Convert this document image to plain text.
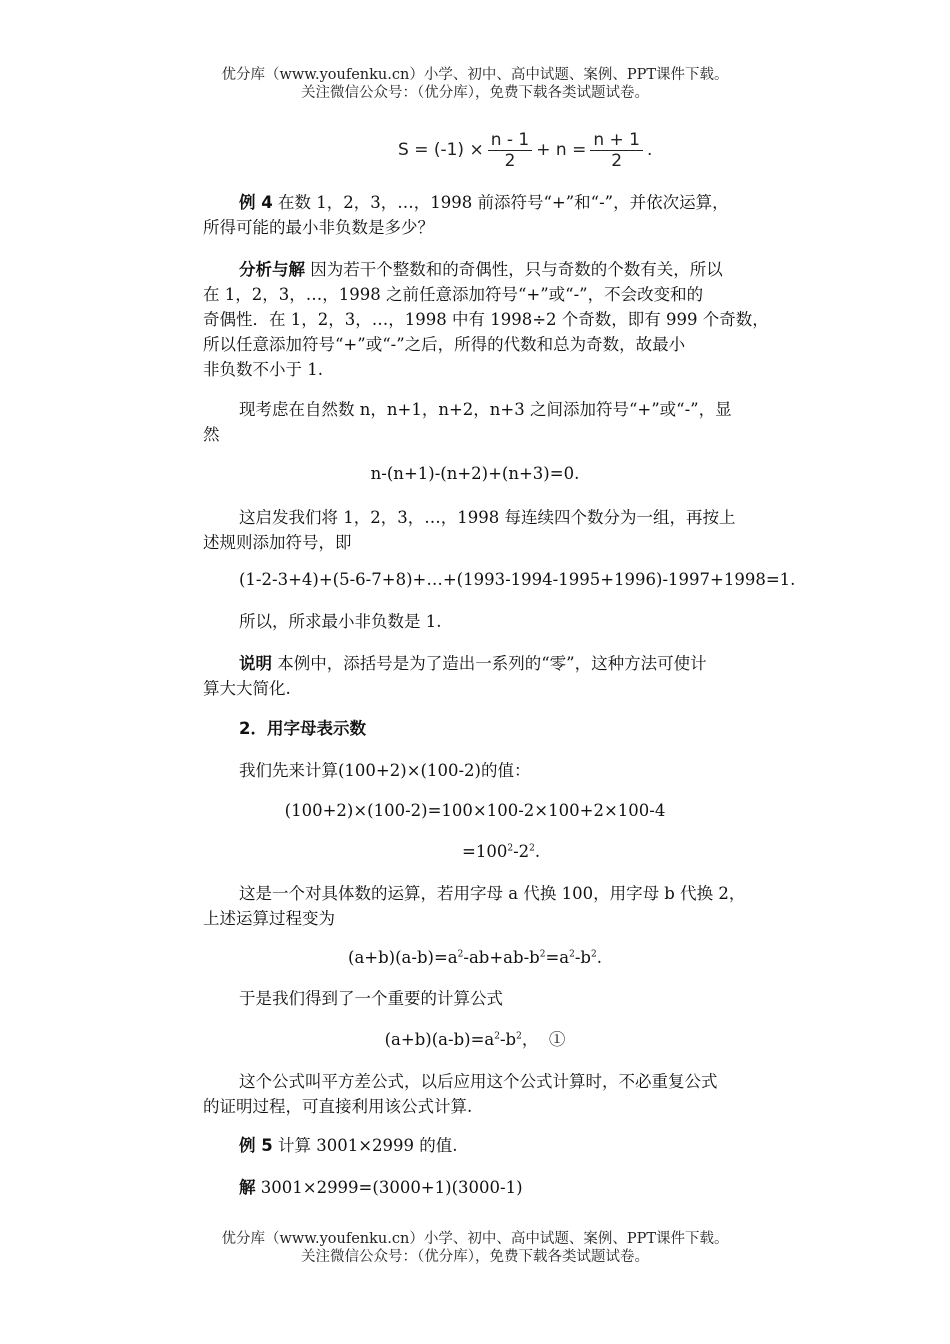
优分库（www.youfenku.cn）小学、初中、高中试题、案例、PPT课件下载。
关注微信公众号：（优分库），免费下载各类试题试卷。
$S = (-1) \times \frac{n - 1}{2} + n = \frac{n + 1}{2}$ .
例 4 在数 1，2，3，…，1998 前添符号“+”和“-”，并依次运算，
所得可能的最小非负数是多少？
分析与解 因为若干个整数和的奇偶性，只与奇数的个数有关，所以
在 1，2，3，…，1998 之前任意添加符号“+”或“-”，不会改变和的
奇偶性．在 1，2，3，…，1998 中有 1998÷2 个奇数，即有 999 个奇数，
所以任意添加符号“+”或“-”之后，所得的代数和总为奇数，故最小
非负数不小于 1.
现考虑在自然数 n，n+1，n+2，n+3 之间添加符号“+”或“-”，显
然
n-(n+1)-(n+2)+(n+3)=0.
这启发我们将 1，2，3，…，1998 每连续四个数分为一组，再按上
述规则添加符号，即
(1-2-3+4)+(5-6-7+8)+…+(1993-1994-1995+1996)-1997+1998=1.
所以，所求最小非负数是 1.
说明 本例中，添括号是为了造出一系列的“零”，这种方法可使计
算大大简化.
2．用字母表示数
我们先来计算(100+2)×(100-2)的值：
(100+2)×(100-2)=100×100-2×100+2×100-4
$=100^2-2^2$.
这是一个对具体数的运算，若用字母 a 代换 100，用字母 b 代换 2，
上述运算过程变为
$(a+b)(a-b)=a^2-ab+ab-b^2=a^2-b^2$.
于是我们得到了一个重要的计算公式
$(a+b)(a-b)=a^2-b^2$， ①
这个公式叫平方差公式，以后应用这个公式计算时，不必重复公式
的证明过程，可直接利用该公式计算.
例 5 计算 3001×2999 的值.
解 3001×2999=(3000+1)(3000-1)
优分库（www.youfenku.cn）小学、初中、高中试题、案例、PPT课件下载。
关注微信公众号：（优分库），免费下载各类试题试卷。
